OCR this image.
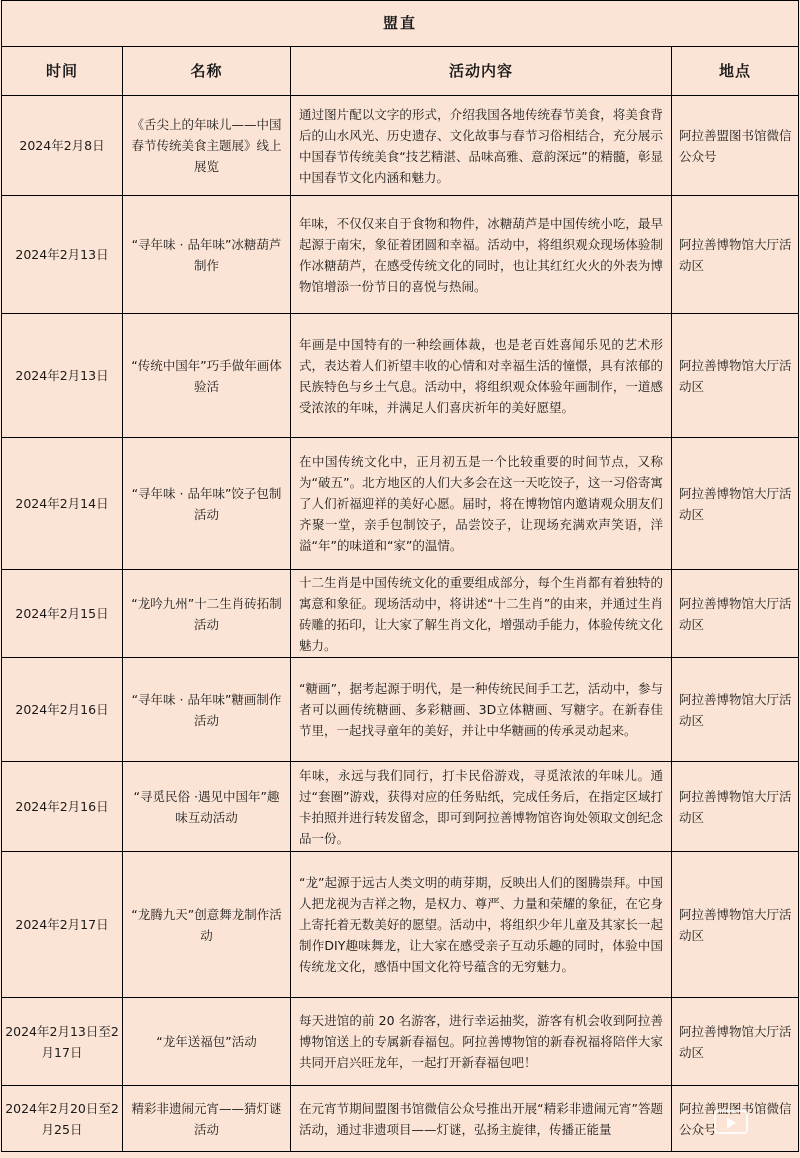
盟直			
时间	名称	活动内容	地点
2024年2月8日	《舌尖上的年味儿——中国春节传统美食主题展》线上展览	通过图片配以文字的形式，介绍我国各地传统春节美食，将美食背后的山水风光、历史遗存、文化故事与春节习俗相结合，充分展示中国春节传统美食“技艺精湛、品味高雅、意韵深远”的精髓，彰显中国春节文化内涵和魅力。	阿拉善盟图书馆微信公众号
2024年2月13日	“寻年味 · 品年味”冰糖葫芦制作	年味，不仅仅来自于食物和物件，冰糖葫芦是中国传统小吃，最早起源于南宋，象征着团圆和幸福。活动中，将组织观众现场体验制作冰糖葫芦，在感受传统文化的同时，也让其红红火火的外表为博物馆增添一份节日的喜悦与热闹。	阿拉善博物馆大厅活动区
2024年2月13日	“传统中国年”巧手做年画体验活	年画是中国特有的一种绘画体裁，也是老百姓喜闻乐见的艺术形式，表达着人们祈望丰收的心情和对幸福生活的憧憬，具有浓郁的民族特色与乡土气息。活动中，将组织观众体验年画制作，一道感受浓浓的年味，并满足人们喜庆祈年的美好愿望。	阿拉善博物馆大厅活动区
2024年2月14日	“寻年味 · 品年味”饺子包制活动	在中国传统文化中，正月初五是一个比较重要的时间节点，又称为“破五”。北方地区的人们大多会在这一天吃饺子，这一习俗寄寓了人们祈福迎祥的美好心愿。届时，将在博物馆内邀请观众朋友们齐聚一堂，亲手包制饺子，品尝饺子，让现场充满欢声笑语，洋溢“年”的味道和“家”的温情。	阿拉善博物馆大厅活动区
2024年2月15日	“龙吟九州”十二生肖砖拓制活动	十二生肖是中国传统文化的重要组成部分，每个生肖都有着独特的寓意和象征。现场活动中，将讲述“十二生肖”的由来，并通过生肖砖雕的拓印，让大家了解生肖文化，增强动手能力，体验传统文化魅力。	阿拉善博物馆大厅活动区
2024年2月16日	“寻年味 · 品年味”糖画制作活动	“糖画”，据考起源于明代，是一种传统民间手工艺，活动中，参与者可以画传统糖画、多彩糖画、3D立体糖画、写糖字。在新春佳节里，一起找寻童年的美好，并让中华糖画的传承灵动起来。	阿拉善博物馆大厅活动区
2024年2月16日	“寻觅民俗 ·遇见中国年”趣味互动活动	年味，永远与我们同行，打卡民俗游戏，寻觅浓浓的年味儿。通过“套圈”游戏，获得对应的任务贴纸，完成任务后，在指定区域打卡拍照并进行转发留念，即可到阿拉善博物馆咨询处领取文创纪念品一份。	阿拉善博物馆大厅活动区
2024年2月17日	“龙腾九天”创意舞龙制作活动	“龙”起源于远古人类文明的萌芽期，反映出人们的图腾崇拜。中国人把龙视为吉祥之物，是权力、尊严、力量和荣耀的象征，在它身上寄托着无数美好的愿望。活动中，将组织少年儿童及其家长一起制作DIY趣味舞龙，让大家在感受亲子互动乐趣的同时，体验中国传统龙文化，感悟中国文化符号蕴含的无穷魅力。	阿拉善博物馆大厅活动区
2024年2月13日至2月17日	“龙年送福包”活动	每天进馆的前 20 名游客，进行幸运抽奖，游客有机会收到阿拉善博物馆送上的专属新春福包。阿拉善博物馆的新春祝福将陪伴大家共同开启兴旺龙年，一起打开新春福包吧！	阿拉善博物馆大厅活动区
2024年2月20日至2月25日	精彩非遗闹元宵——猜灯谜活动	在元宵节期间盟图书馆微信公众号推出开展“精彩非遗闹元宵”答题活动，通过非遗项目——灯谜，弘扬主旋律，传播正能量	阿拉善盟图书馆微信公众号
